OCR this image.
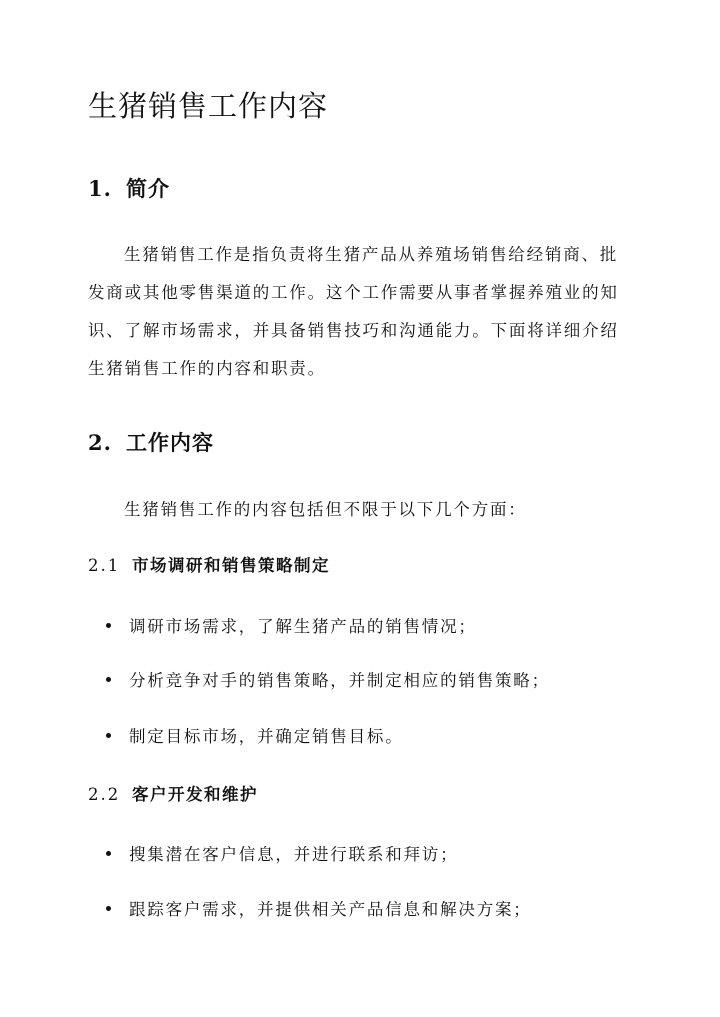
生猪销售工作内容
1. 简介

生猪销售工作是指负责将生猪产品从养殖场销售给经销商、批发商或其他零售渠道的工作。这个工作需要从事者掌握养殖业的知识、了解市场需求，并具备销售技巧和沟通能力。下面将详细介绍生猪销售工作的内容和职责。

2. 工作内容

生猪销售工作的内容包括但不限于以下几个方面：

2.1 市场调研和销售策略制定

调研市场需求，了解生猪产品的销售情况；

分析竞争对手的销售策略，并制定相应的销售策略；

制定目标市场，并确定销售目标。

2.2 客户开发和维护

搜集潜在客户信息，并进行联系和拜访；

跟踪客户需求，并提供相关产品信息和解决方案；
